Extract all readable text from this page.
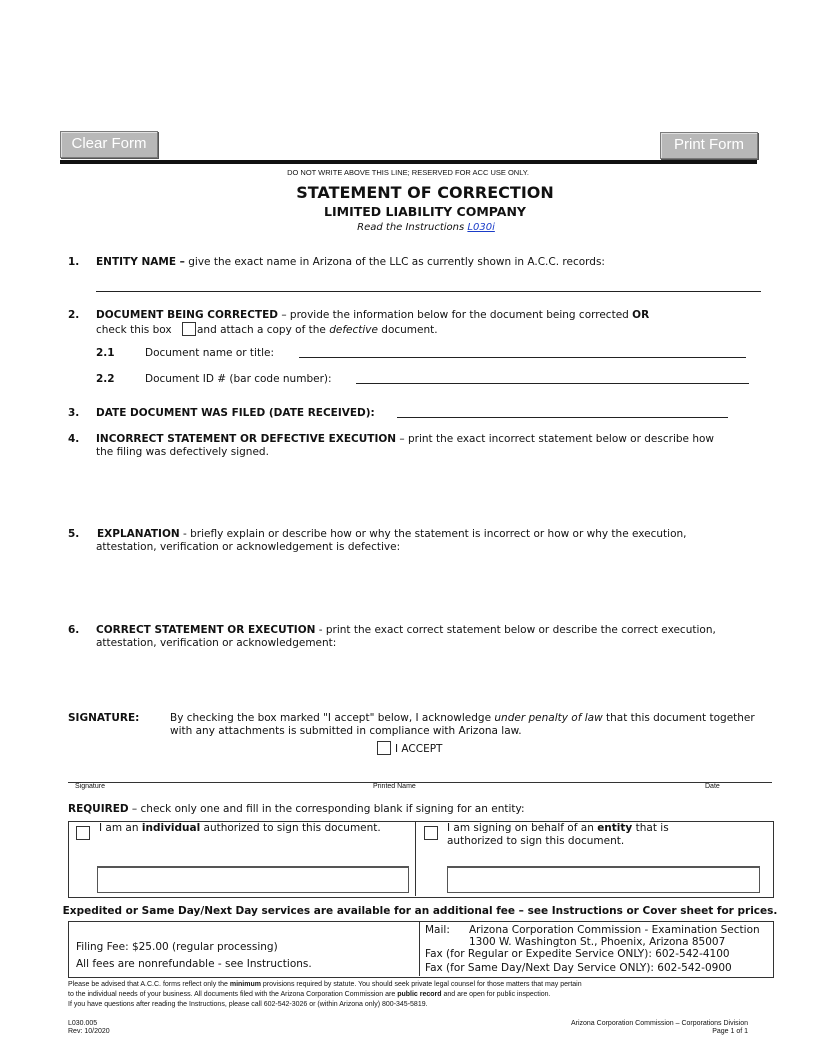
Clear Form	Print Form
DO NOT WRITE ABOVE THIS LINE; RESERVED FOR ACC USE ONLY.
STATEMENT OF CORRECTION
LIMITED LIABILITY COMPANY
Read the Instructions L030i
1. ENTITY NAME – give the exact name in Arizona of the LLC as currently shown in A.C.C. records:
2. DOCUMENT BEING CORRECTED – provide the information below for the document being corrected OR
check this box and attach a copy of the defective document.
2.1	Document name or title:
2.2	Document ID # (bar code number):
3. DATE DOCUMENT WAS FILED (DATE RECEIVED):
4. INCORRECT STATEMENT OR DEFECTIVE EXECUTION – print the exact incorrect statement below or describe how
the filing was defectively signed.
5. EXPLANATION - briefly explain or describe how or why the statement is incorrect or how or why the execution,
attestation, verification or acknowledgement is defective:
6. CORRECT STATEMENT OR EXECUTION - print the exact correct statement below or describe the correct execution,
attestation, verification or acknowledgement:
SIGNATURE:	By checking the box marked "I accept" below, I acknowledge under penalty of law that this document together
with any attachments is submitted in compliance with Arizona law.
I ACCEPT
Signature	Printed Name	Date
REQUIRED – check only one and fill in the corresponding blank if signing for an entity:
I am an individual authorized to sign this document.	I am signing on behalf of an entity that is
authorized to sign this document.
Expedited or Same Day/Next Day services are available for an additional fee – see Instructions or Cover sheet for prices.
Filing Fee: $25.00 (regular processing)
All fees are nonrefundable - see Instructions.
Mail: Arizona Corporation Commission - Examination Section
1300 W. Washington St., Phoenix, Arizona 85007
Fax (for Regular or Expedite Service ONLY): 602-542-4100
Fax (for Same Day/Next Day Service ONLY): 602-542-0900
Please be advised that A.C.C. forms reflect only the minimum provisions required by statute. You should seek private legal counsel for those matters that may pertain
to the individual needs of your business. All documents filed with the Arizona Corporation Commission are public record and are open for public inspection.
If you have questions after reading the Instructions, please call 602-542-3026 or (within Arizona only) 800-345-5819.
L030.005
Rev: 10/2020
Arizona Corporation Commission – Corporations Division
Page 1 of 1
